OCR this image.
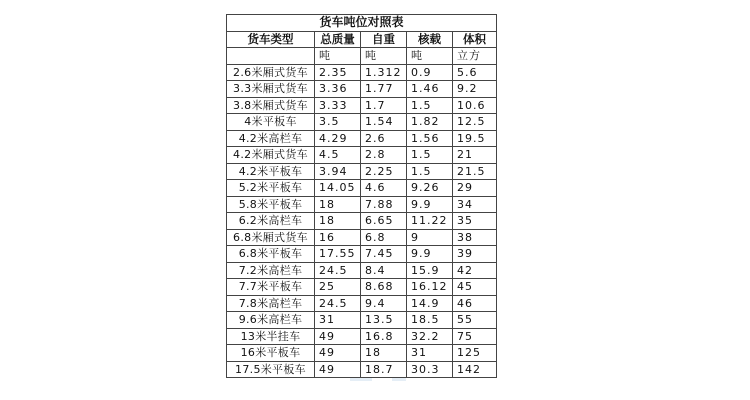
货车吨位对照表				
货车类型	总质量	自重	核载	体积
	吨	吨	吨	立方
2.6米厢式货车	2.35	1.312	0.9	5.6
3.3米厢式货车	3.36	1.77	1.46	9.2
3.8米厢式货车	3.33	1.7	1.5	10.6
4米平板车	3.5	1.54	1.82	12.5
4.2米高栏车	4.29	2.6	1.56	19.5
4.2米厢式货车	4.5	2.8	1.5	21
4.2米平板车	3.94	2.25	1.5	21.5
5.2米平板车	14.05	4.6	9.26	29
5.8米平板车	18	7.88	9.9	34
6.2米高栏车	18	6.65	11.22	35
6.8米厢式货车	16	6.8	9	38
6.8米平板车	17.55	7.45	9.9	39
7.2米高栏车	24.5	8.4	15.9	42
7.7米平板车	25	8.68	16.12	45
7.8米高栏车	24.5	9.4	14.9	46
9.6米高栏车	31	13.5	18.5	55
13米半挂车	49	16.8	32.2	75
16米平板车	49	18	31	125
17.5米平板车	49	18.7	30.3	142
